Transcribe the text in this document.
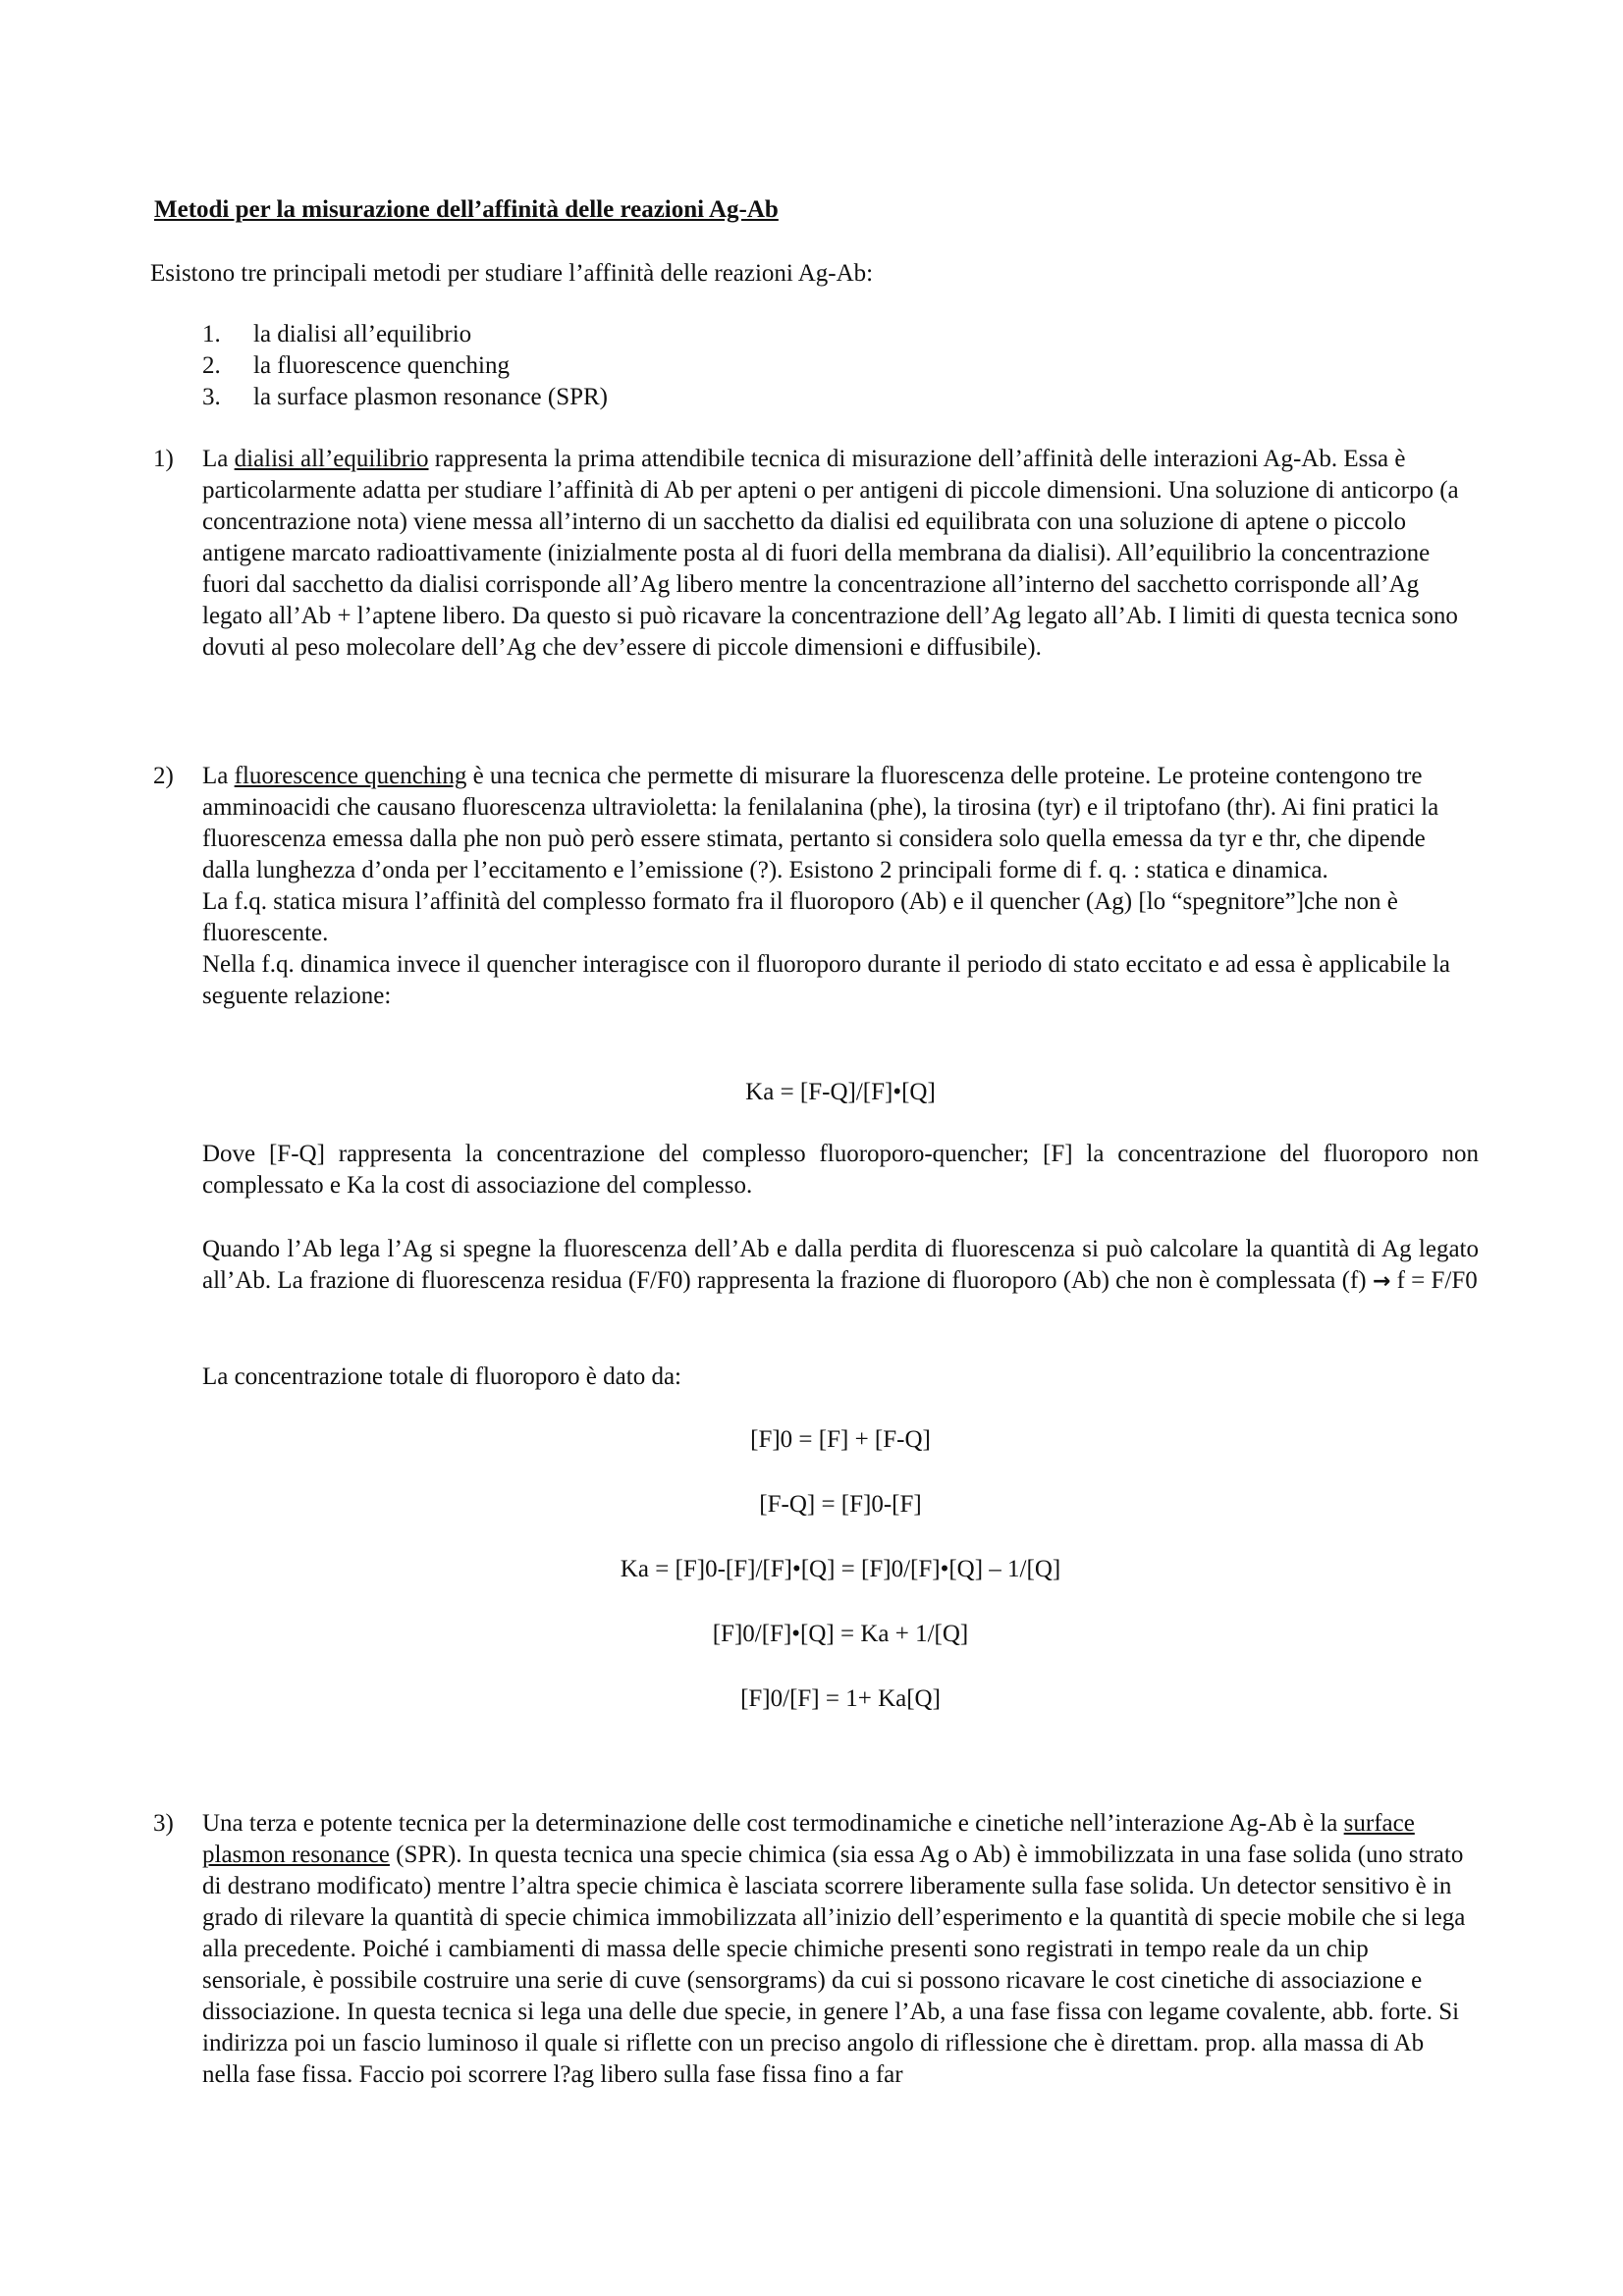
Metodi per la misurazione dell’affinità delle reazioni Ag-Ab
Esistono tre principali metodi per studiare l’affinità delle reazioni Ag-Ab:
1. la dialisi all’equilibrio
2. la fluorescence quenching
3. la surface plasmon resonance (SPR)
1) La dialisi all’equilibrio rappresenta la prima attendibile tecnica di misurazione dell’affinità delle interazioni Ag-Ab. Essa è particolarmente adatta per studiare l’affinità di Ab per apteni o per antigeni di piccole dimensioni. Una soluzione di anticorpo (a concentrazione nota) viene messa all’interno di un sacchetto da dialisi ed equilibrata con una soluzione di aptene o piccolo antigene marcato radioattivamente (inizialmente posta al di fuori della membrana da dialisi). All’equilibrio la concentrazione fuori dal sacchetto da dialisi corrisponde all’Ag libero mentre la concentrazione all’interno del sacchetto corrisponde all’Ag legato all’Ab + l’aptene libero. Da questo si può ricavare la concentrazione dell’Ag legato all’Ab. I limiti di questa tecnica sono dovuti al peso molecolare dell’Ag che dev’essere di piccole dimensioni e diffusibile).

2) La fluorescence quenching è una tecnica che permette di misurare la fluorescenza delle proteine. Le proteine contengono tre amminoacidi che causano fluorescenza ultravioletta: la fenilalanina (phe), la tirosina (tyr) e il triptofano (thr). Ai fini pratici la fluorescenza emessa dalla phe non può però essere stimata, pertanto si considera solo quella emessa da tyr e thr, che dipende dalla lunghezza d’onda per l’eccitamento e l’emissione (?). Esistono 2 principali forme di f. q. : statica e dinamica.

La f.q. statica misura l’affinità del complesso formato fra il fluoroporo (Ab) e il quencher (Ag) [lo “spegnitore”]che non è fluorescente.

Nella f.q. dinamica invece il quencher interagisce con il fluoroporo durante il periodo di stato eccitato e ad essa è applicabile la seguente relazione:

Ka = [F-Q]/[F]•[Q]
Dove [F-Q] rappresenta la concentrazione del complesso fluoroporo-quencher; [F] la concentrazione del fluoroporo non complessato e Ka la cost di associazione del complesso.
Quando l’Ab lega l’Ag si spegne la fluorescenza dell’Ab e dalla perdita di fluorescenza si può calcolare la quantità di Ag legato all’Ab. La frazione di fluorescenza residua (F/F0) rappresenta la frazione di fluoroporo (Ab) che non è complessata (f) → f = F/F0
La concentrazione totale di fluoroporo è dato da:
[F]0 = [F] + [F-Q]
[F-Q] = [F]0-[F]
Ka = [F]0-[F]/[F]•[Q] = [F]0/[F]•[Q] – 1/[Q]
[F]0/[F]•[Q] = Ka + 1/[Q]
[F]0/[F] = 1+ Ka[Q]
3) Una terza e potente tecnica per la determinazione delle cost termodinamiche e cinetiche nell’interazione Ag-Ab è la surface plasmon resonance (SPR). In questa tecnica una specie chimica (sia essa Ag o Ab) è immobilizzata in una fase solida (uno strato di destrano modificato) mentre l’altra specie chimica è lasciata scorrere liberamente sulla fase solida. Un detector sensitivo è in grado di rilevare la quantità di specie chimica immobilizzata all’inizio dell’esperimento e la quantità di specie mobile che si lega alla precedente. Poiché i cambiamenti di massa delle specie chimiche presenti sono registrati in tempo reale da un chip sensoriale, è possibile costruire una serie di cuve (sensorgrams) da cui si possono ricavare le cost cinetiche di associazione e dissociazione. In questa tecnica si lega una delle due specie, in genere l’Ab, a una fase fissa con legame covalente, abb. forte. Si indirizza poi un fascio luminoso il quale si riflette con un preciso angolo di riflessione che è direttam. prop. alla massa di Ab nella fase fissa. Faccio poi scorrere l?ag libero sulla fase fissa fino a far
